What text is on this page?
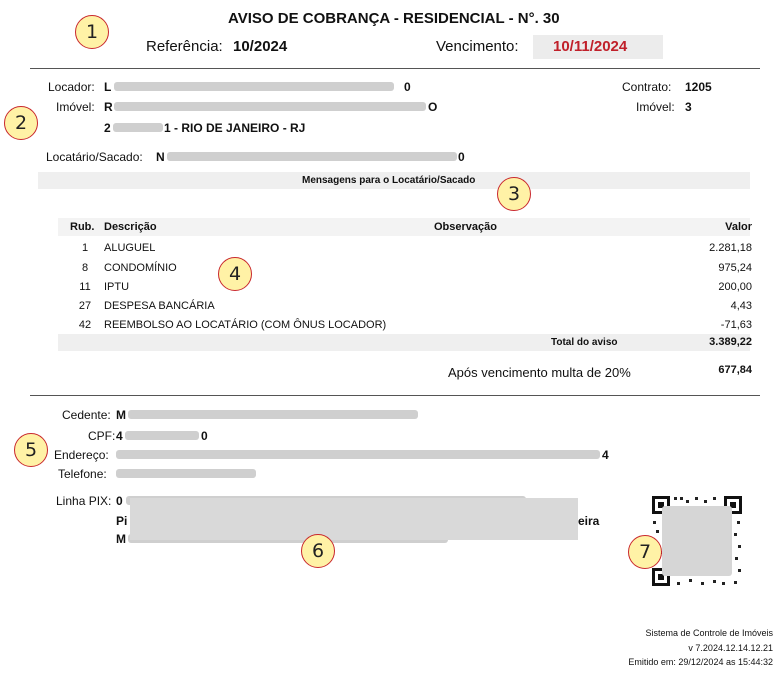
AVISO DE COBRANÇA - RESIDENCIAL - N°. 30
Referência: 10/2024	Vencimento: 10/11/2024
Locador: L	0
Imóvel: R	O
2	1 - RIO DE JANEIRO - RJ
Contrato: 1205
Imóvel: 3
Locatário/Sacado: N	0
Mensagens para o Locatário/Sacado
Rub. Descrição	Observação	Valor
1	ALUGUEL	2.281,18
8	CONDOMÍNIO	975,24
11	IPTU	200,00
27	DESPESA BANCÁRIA	4,43
42	REEMBOLSO AO LOCATÁRIO (COM ÔNUS LOCADOR)	-71,63
Total do aviso	3.389,22
Após vencimento multa de 20%	677,84
Cedente: M
CPF: 4	0
Endereço:	4
Telefone:
Linha PIX: 0
Pi	eira
M
Sistema de Controle de Imóveis
v 7.2024.12.14.12.21
Emitido em: 29/12/2024 as 15:44:32
1
2
3
4
5
6	7
